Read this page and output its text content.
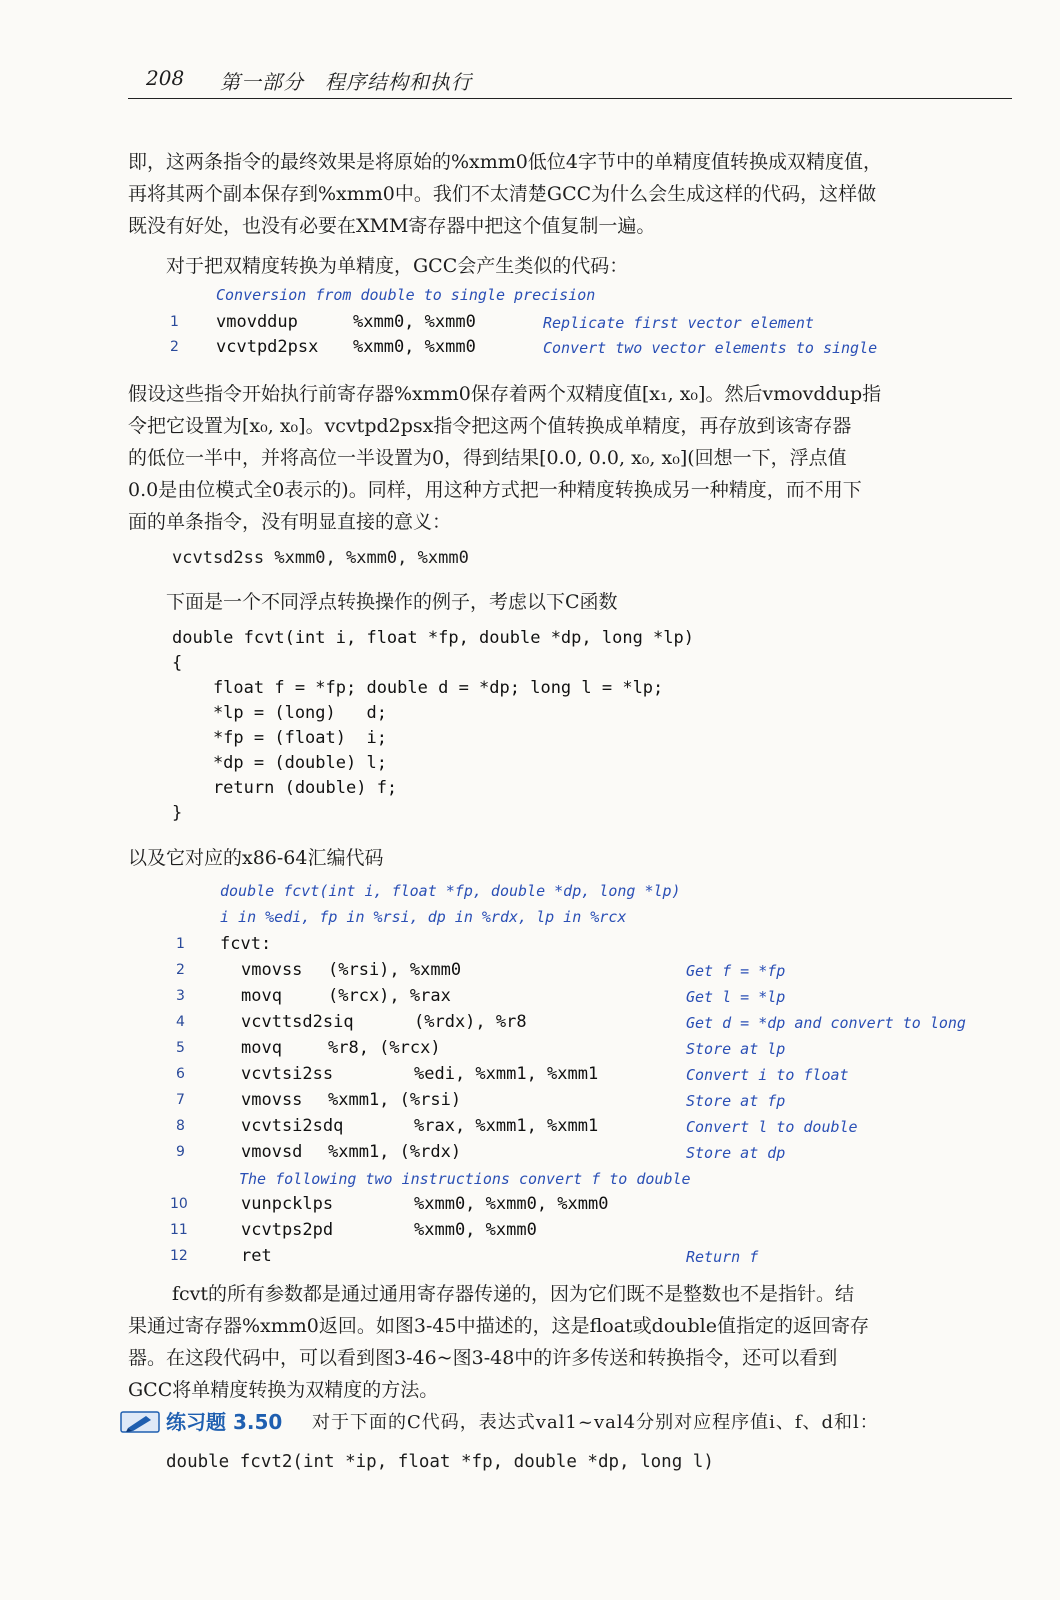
208 第一部分　程序结构和执行

即，这两条指令的最终效果是将原始的%xmm0低位4字节中的单精度值转换成双精度值，
再将其两个副本保存到%xmm0中。我们不太清楚GCC为什么会生成这样的代码，这样做
既没有好处，也没有必要在XMM寄存器中把这个值复制一遍。

对于把双精度转换为单精度，GCC会产生类似的代码：

Conversion from double to single precision
1 vmovddup	%xmm0, %xmm0	Replicate first vector element
2 vcvtpd2psx %xmm0, %xmm0	Convert two vector elements to single

假设这些指令开始执行前寄存器%xmm0保存着两个双精度值[x₁, x₀]。然后vmovddup指
令把它设置为[x₀, x₀]。vcvtpd2psx指令把这两个值转换成单精度，再存放到该寄存器
的低位一半中，并将高位一半设置为0，得到结果[0.0, 0.0, x₀, x₀](回想一下，浮点值
0.0是由位模式全0表示的)。同样，用这种方式把一种精度转换成另一种精度，而不用下
面的单条指令，没有明显直接的意义：

vcvtsd2ss %xmm0, %xmm0, %xmm0

下面是一个不同浮点转换操作的例子，考虑以下C函数

double fcvt(int i, float *fp, double *dp, long *lp)
{
float f = *fp; double d = *dp; long l = *lp;
*lp = (long)   d;
*fp = (float)  i;
*dp = (double) l;
return (double) f;
}

以及它对应的x86-64汇编代码

double fcvt(int i, float *fp, double *dp, long *lp)
i in %edi, fp in %rsi, dp in %rdx, lp in %rcx
1 fcvt:
2	vmovss (%rsi), %xmm0	Get f = *fp
3	movq	(%rcx), %rax	Get l = *lp
4	vcvttsd2siq	(%rdx), %r8	Get d = *dp and convert to long
5	movq	%r8, (%rcx)	Store at lp
6	vcvtsi2ss	%edi, %xmm1, %xmm1	Convert i to float
7	vmovss %xmm1, (%rsi)	Store at fp
8	vcvtsi2sdq	%rax, %xmm1, %xmm1	Convert l to double
9	vmovsd %xmm1, (%rdx)	Store at dp
The following two instructions convert f to double
10	vunpcklps	%xmm0, %xmm0, %xmm0
11	vcvtps2pd	%xmm0, %xmm0
12	ret	Return f

fcvt的所有参数都是通过通用寄存器传递的，因为它们既不是整数也不是指针。结
果通过寄存器%xmm0返回。如图3-45中描述的，这是float或double值指定的返回寄存
器。在这段代码中，可以看到图3-46~图3-48中的许多传送和转换指令，还可以看到
GCC将单精度转换为双精度的方法。

练习题 3.50 对于下面的C代码，表达式val1~val4分别对应程序值i、f、d和l：
double fcvt2(int *ip, float *fp, double *dp, long l)
